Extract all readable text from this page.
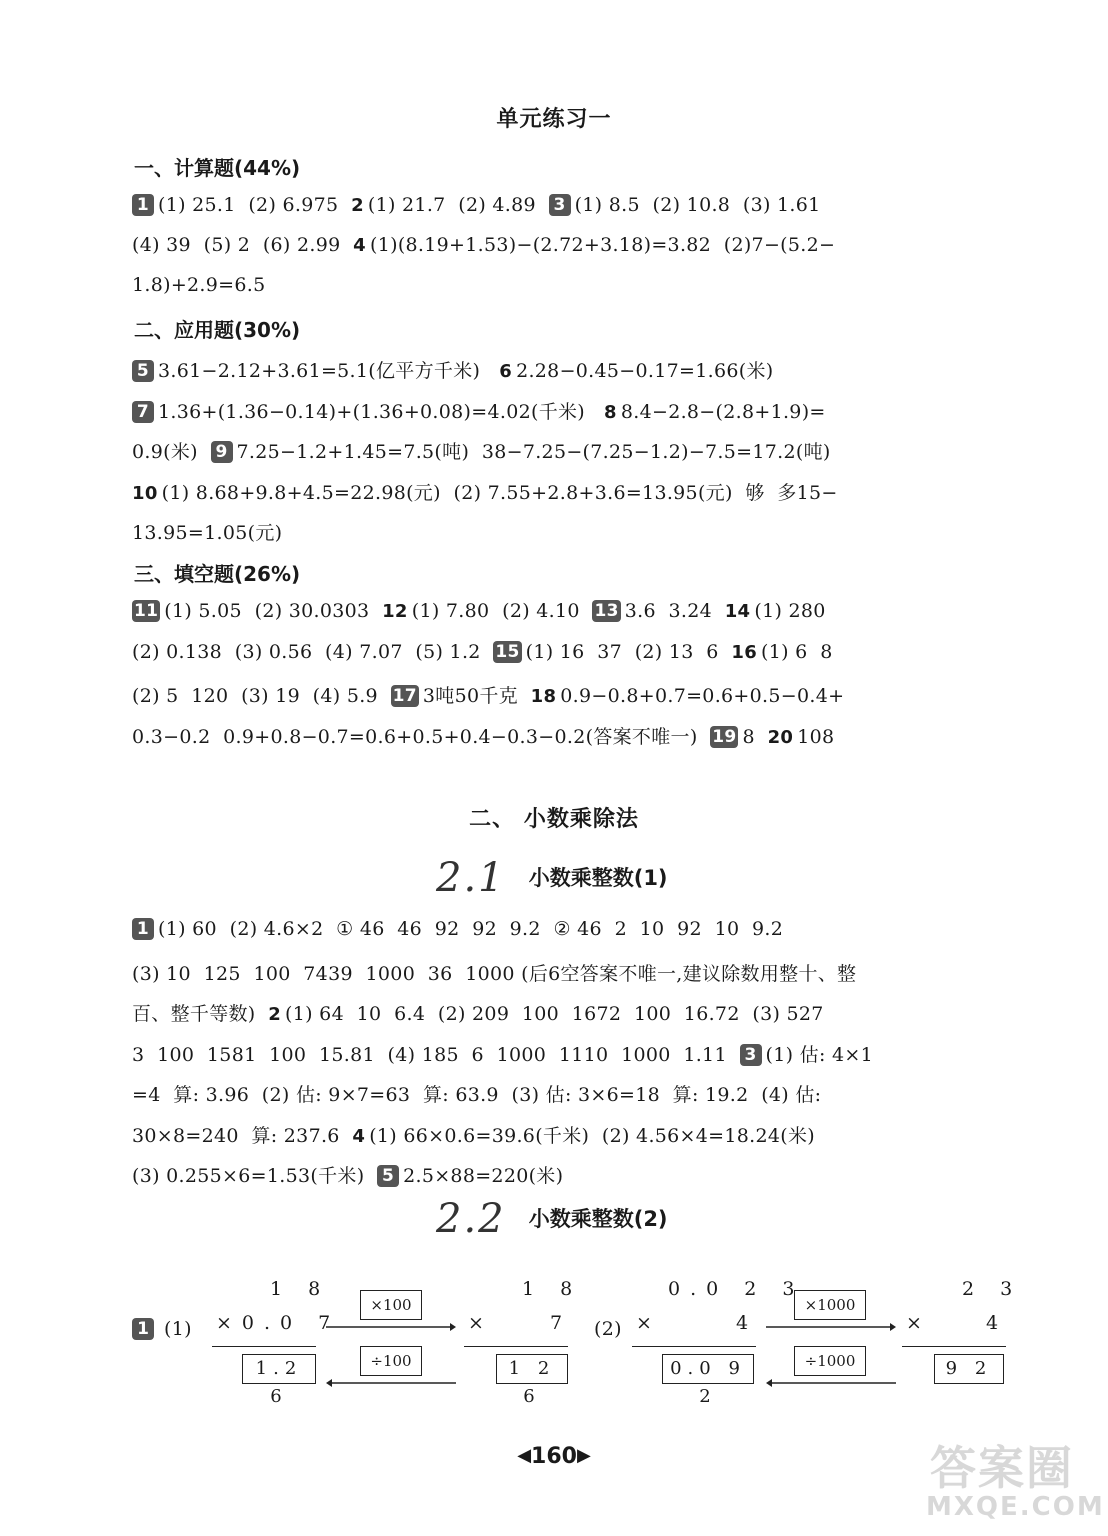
单元练习一
一、计算题(44%)
1 (1) 25.1  (2) 6.975  2 (1) 21.7  (2) 4.89  3 (1) 8.5  (2) 10.8  (3) 1.61
(4) 39  (5) 2  (6) 2.99  4 (1)(8.19+1.53)−(2.72+3.18)=3.82  (2)7−(5.2−
1.8)+2.9=6.5
二、应用题(30%)
5 3.61−2.12+3.61=5.1(亿平方千米)   6 2.28−0.45−0.17=1.66(米)
7 1.36+(1.36−0.14)+(1.36+0.08)=4.02(千米)   8 8.4−2.8−(2.8+1.9)=
0.9(米)  9 7.25−1.2+1.45=7.5(吨)  38−7.25−(7.25−1.2)−7.5=17.2(吨)
10 (1) 8.68+9.8+4.5=22.98(元)  (2) 7.55+2.8+3.6=13.95(元)  够  多15−
13.95=1.05(元)
三、填空题(26%)
11 (1) 5.05  (2) 30.0303  12 (1) 7.80  (2) 4.10  13 3.6  3.24  14 (1) 280
(2) 0.138  (3) 0.56  (4) 7.07  (5) 1.2  15 (1) 16  37  (2) 13  6  16 (1) 6  8
(2) 5  120  (3) 19  (4) 5.9  17 3吨50千克  18 0.9−0.8+0.7=0.6+0.5−0.4+
0.3−0.2  0.9+0.8−0.7=0.6+0.5+0.4−0.3−0.2(答案不唯一)  19 8  20 108
二、 小数乘除法
2.1 小数乘整数(1)
1 (1) 60  (2) 4.6×2  ① 46  46  92  92  9.2  ② 46  2  10  92  10  9.2
(3) 10  125  100  7439  1000  36  1000 (后6空答案不唯一,建议除数用整十、整
百、整千等数)  2 (1) 64  10  6.4  (2) 209  100  1672  100  16.72  (3) 527
3  100  1581  100  15.81  (4) 185  6  1000  1110  1000  1.11  3 (1) 估: 4×1
=4  算: 3.96  (2) 估: 9×7=63  算: 63.9  (3) 估: 3×6=18  算: 19.2  (4) 估:
30×8=240  算: 237.6  4 (1) 66×0.6=39.6(千米)  (2) 4.56×4=18.24(米)
(3) 0.255×6=1.53(千米)  5 2.5×88=220(米)
2.2 小数乘整数(2)
1 (1)
1 8
×0.0 7
1.2 6
×100
÷100
1 8
×	7
1 2 6
(2)
0.0 2 3
×	4
0.0 9 2
×1000
÷1000
2 3
×	4
9 2
◀160▶	答案圈
MXQE.COM
